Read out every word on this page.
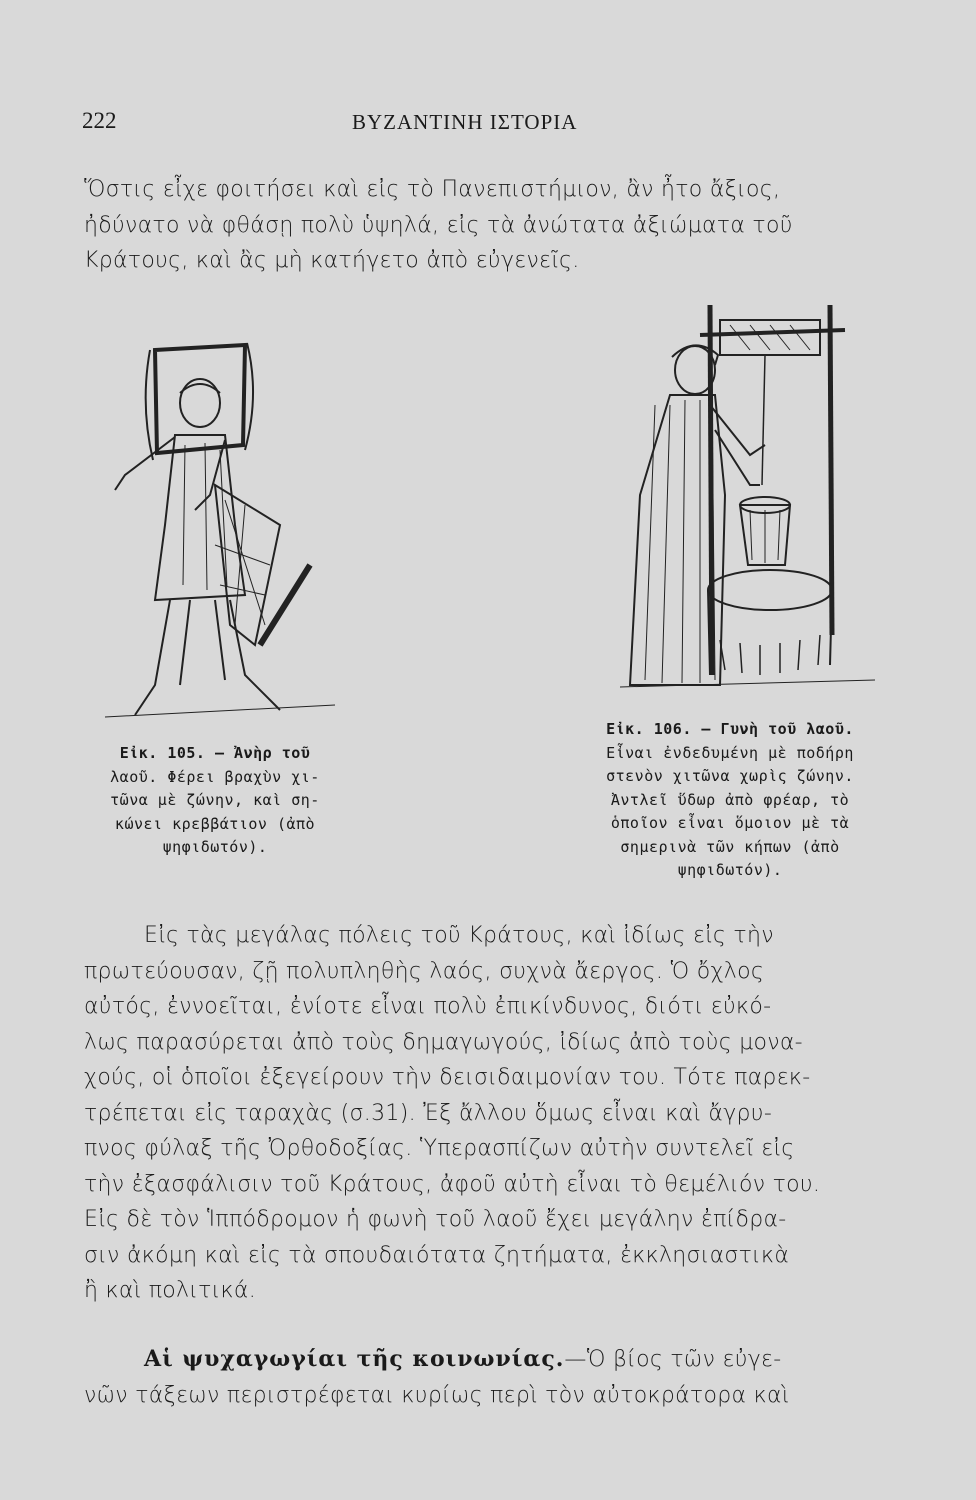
222	ΒΥΖΑΝΤΙΝΗ ΙΣΤΟΡΙΑ
Ὅστις εἶχε φοιτήσει καὶ εἰς τὸ Πανεπιστήμιον, ἂν ἦτο ἄξιος,
ἠδύνατο νὰ φθάσῃ πολὺ ὑψηλά, εἰς τὰ ἀνώτατα ἀξιώματα τοῦ
Κράτους, καὶ ἂς μὴ κατήγετο ἀπὸ εὐγενεῖς.
Εἰκ. 105. — Ἀνὴρ τοῦ
λαοῦ. Φέρει βραχὺν χι-
τῶνα μὲ ζώνην, καὶ ση-
κώνει κρεββάτιον (ἀπὸ
ψηφιδωτόν).
Εἰκ. 106. — Γυνὴ τοῦ λαοῦ.
Εἶναι ἐνδεδυμένη μὲ ποδήρη
στενὸν χιτῶνα χωρὶς ζώνην.
Ἀντλεῖ ὕδωρ ἀπὸ φρέαρ, τὸ
ὁποῖον εἶναι ὅμοιον μὲ τὰ
σημερινὰ τῶν κήπων (ἀπὸ
ψηφιδωτόν).
Εἰς τὰς μεγάλας πόλεις τοῦ Κράτους, καὶ ἰδίως εἰς τὴν
πρωτεύουσαν, ζῇ πολυπληθὴς λαός, συχνὰ ἄεργος. Ὁ ὄχλος
αὐτός, ἐννοεῖται, ἐνίοτε εἶναι πολὺ ἐπικίνδυνος, διότι εὐκό-
λως παρασύρεται ἀπὸ τοὺς δημαγωγούς, ἰδίως ἀπὸ τοὺς μονα-
χούς, οἱ ὁποῖοι ἐξεγείρουν τὴν δεισιδαιμονίαν του. Τότε παρεκ-
τρέπεται εἰς ταραχὰς (σ.31). Ἐξ ἄλλου ὅμως εἶναι καὶ ἄγρυ-
πνος φύλαξ τῆς Ὀρθοδοξίας. Ὑπερασπίζων αὐτὴν συντελεῖ εἰς
τὴν ἐξασφάλισιν τοῦ Κράτους, ἀφοῦ αὐτὴ εἶναι τὸ θεμέλιόν του.
Εἰς δὲ τὸν Ἱππόδρομον ἡ φωνὴ τοῦ λαοῦ ἔχει μεγάλην ἐπίδρα-
σιν ἀκόμη καὶ εἰς τὰ σπουδαιότατα ζητήματα, ἐκκλησιαστικὰ
ἢ καὶ πολιτικά.
Αἱ ψυχαγωγίαι τῆς κοινωνίας.—Ὁ βίος τῶν εὐγε-
νῶν τάξεων περιστρέφεται κυρίως περὶ τὸν αὐτοκράτορα καὶ
